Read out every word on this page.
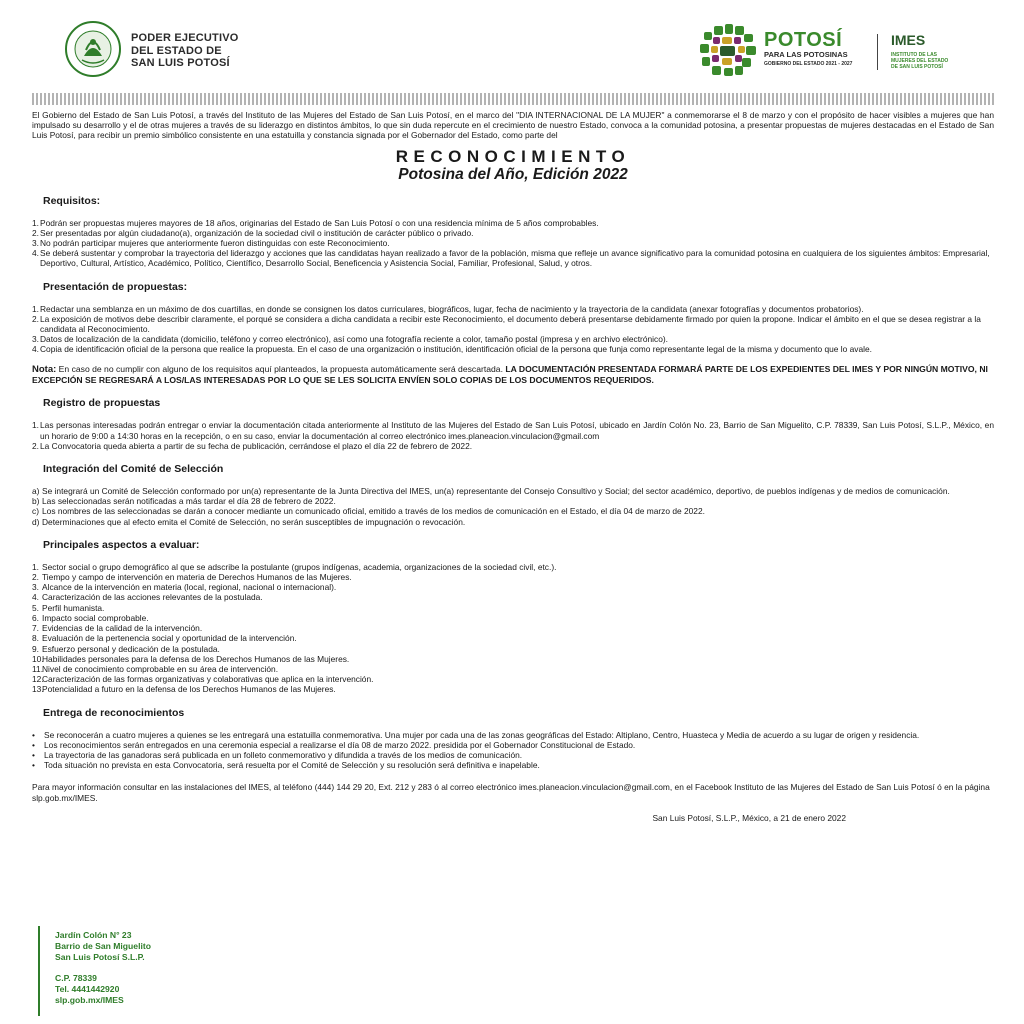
PODER EJECUTIVO
DEL ESTADO DE
SAN LUIS POTOSÍ
POTOSÍ
PARA LAS POTOSINAS
GOBIERNO DEL ESTADO 2021 - 2027
IMES
INSTITUTO DE LAS
MUJERES DEL ESTADO
DE SAN LUIS POTOSÍ
El Gobierno del Estado de San Luis Potosí, a través del Instituto de las Mujeres del Estado de San Luis Potosí, en el marco del "DIA INTERNACIONAL DE LA MUJER" a conmemorarse el 8 de marzo y con el propósito de hacer visibles a mujeres que han impulsado su desarrollo y el de otras mujeres a través de su liderazgo en distintos ámbitos, lo que sin duda repercute en el crecimiento de nuestro Estado, convoca a la comunidad potosina, a presentar propuestas de mujeres destacadas en el Estado de San Luis Potosí, para recibir un premio simbólico consistente en una estatuilla y constancia signada por el Gobernador del Estado, como parte del
RECONOCIMIENTO
Potosina del Año, Edición 2022
Requisitos:
1. Podrán ser propuestas mujeres mayores de 18 años, originarias del Estado de San Luis Potosí o con una residencia mínima de 5 años comprobables.
2. Ser presentadas por algún ciudadano(a), organización de la sociedad civil o institución de carácter público o privado.
3. No podrán participar mujeres que anteriormente fueron distinguidas con este Reconocimiento.
4. Se deberá sustentar y comprobar la trayectoria del liderazgo y acciones que las candidatas hayan realizado a favor de la población, misma que refleje un avance significativo para la comunidad potosina en cualquiera de los siguientes ámbitos: Empresarial, Deportivo, Cultural, Artístico, Académico, Político, Científico, Desarrollo Social, Beneficencia y Asistencia Social, Familiar, Profesional, Salud, y otros.
Presentación de propuestas:
1. Redactar una semblanza en un máximo de dos cuartillas, en donde se consignen los datos curriculares, biográficos, lugar, fecha de nacimiento y la trayectoria de la candidata (anexar fotografías y documentos probatorios).
2. La exposición de motivos debe describir claramente, el porqué se considera a dicha candidata a recibir este Reconocimiento, el documento deberá presentarse debidamente firmado por quien la propone. Indicar el ámbito en el que se desea registrar a la candidata al Reconocimiento.
3. Datos de localización de la candidata (domicilio, teléfono y correo electrónico), así como una fotografía reciente a color, tamaño postal (impresa y en archivo electrónico).
4. Copia de identificación oficial de la persona que realice la propuesta. En el caso de una organización o institución, identificación oficial de la persona que funja como representante legal de la misma y documento que lo avale.
Nota: En caso de no cumplir con alguno de los requisitos aquí planteados, la propuesta automáticamente será descartada. LA DOCUMENTACIÓN PRESENTADA FORMARÁ PARTE DE LOS EXPEDIENTES DEL IMES Y POR NINGÚN MOTIVO, NI EXCEPCIÓN SE REGRESARÁ A LOS/LAS INTERESADAS POR LO QUE SE LES SOLICITA ENVÍEN SOLO COPIAS DE LOS DOCUMENTOS REQUERIDOS.
Registro de propuestas
1. Las personas interesadas podrán entregar o enviar la documentación citada anteriormente al Instituto de las Mujeres del Estado de San Luis Potosí, ubicado en Jardín Colón No. 23, Barrio de San Miguelito, C.P. 78339, San Luis Potosí, S.L.P., México, en un horario de 9:00 a 14:30 horas en la recepción, o en su caso, enviar la documentación al correo electrónico imes.planeacion.vinculacion@gmail.com
2. La Convocatoria queda abierta a partir de su fecha de publicación, cerrándose el plazo el día 22 de febrero de 2022.
Integración del Comité de Selección
a) Se integrará un Comité de Selección conformado por un(a) representante de la Junta Directiva del IMES, un(a) representante del Consejo Consultivo y Social; del sector académico, deportivo, de pueblos indígenas y de medios de comunicación.
b) Las seleccionadas serán notificadas a más tardar el día 28 de febrero de 2022.
c) Los nombres de las seleccionadas se darán a conocer mediante un comunicado oficial, emitido a través de los medios de comunicación en el Estado, el día 04 de marzo de 2022.
d) Determinaciones que al efecto emita el Comité de Selección, no serán susceptibles de impugnación o revocación.
Principales aspectos a evaluar:
1. Sector social o grupo demográfico al que se adscribe la postulante (grupos indígenas, academia, organizaciones de la sociedad civil, etc.).
2. Tiempo y campo de intervención en materia de Derechos Humanos de las Mujeres.
3. Alcance de la intervención en materia (local, regional, nacional o internacional).
4. Caracterización de las acciones relevantes de la postulada.
5. Perfil humanista.
6. Impacto social comprobable.
7. Evidencias de la calidad de la intervención.
8. Evaluación de la pertenencia social y oportunidad de la intervención.
9. Esfuerzo personal y dedicación de la postulada.
10.
Habilidades personales para la defensa de los Derechos Humanos de las Mujeres.
11.
Nivel de conocimiento comprobable en su área de intervención.
12.
Caracterización de las formas organizativas y colaborativas que aplica en la intervención.
13.
Potencialidad a futuro en la defensa de los Derechos Humanos de las Mujeres.
Entrega de reconocimientos
• Se reconocerán a cuatro mujeres a quienes se les entregará una estatuilla conmemorativa. Una mujer por cada una de las zonas geográficas del Estado: Altiplano, Centro, Huasteca y Media de acuerdo a su lugar de origen y residencia.
• Los reconocimientos serán entregados en una ceremonia especial a realizarse el día 08 de marzo 2022. presidida por el Gobernador Constitucional de Estado.
• La trayectoria de las ganadoras será publicada en un folleto conmemorativo y difundida a través de los medios de comunicación.
• Toda situación no prevista en esta Convocatoria, será resuelta por el Comité de Selección y su resolución será definitiva e inapelable.
Para mayor información consultar en las instalaciones del IMES, al teléfono (444) 144 29 20, Ext. 212 y 283 ó al correo electrónico imes.planeacion.vinculacion@gmail.com, en el Facebook Instituto de las Mujeres del Estado de San Luis Potosí ó en la página slp.gob.mx/IMES.
San Luis Potosí, S.L.P., México, a 21 de enero 2022
Jardín Colón N° 23
Barrio de San Miguelito
San Luis Potosí S.L.P.
C.P. 78339
Tel. 4441442920
slp.gob.mx/IMES
